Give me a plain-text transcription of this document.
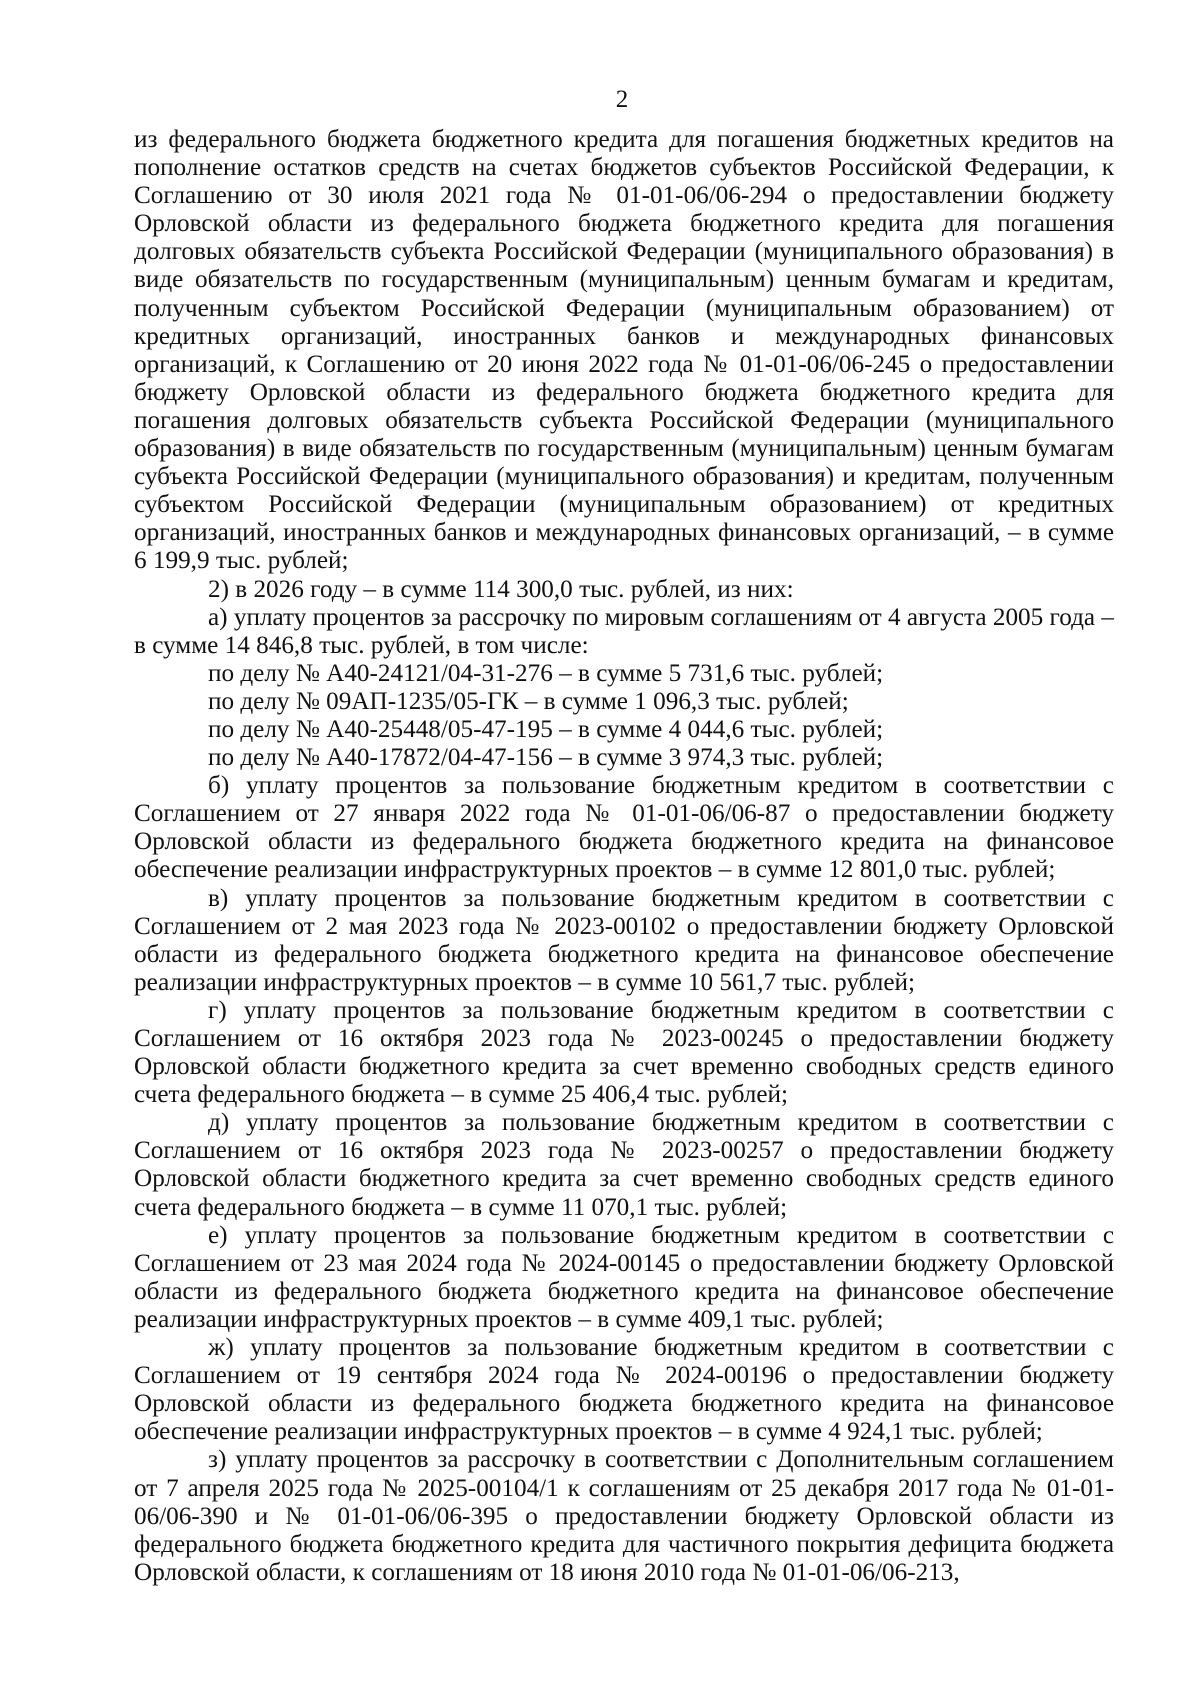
2

из федерального бюджета бюджетного кредита для погашения бюджетных кредитов на пополнение остатков средств на счетах бюджетов субъектов Российской Федерации, к Соглашению от 30 июля 2021 года № 01-01-06/06-294 о предоставлении бюджету Орловской области из федерального бюджета бюджетного кредита для погашения долговых обязательств субъекта Российской Федерации (муниципального образования) в виде обязательств по государственным (муниципальным) ценным бумагам и кредитам, полученным субъектом Российской Федерации (муниципальным образованием) от кредитных организаций, иностранных банков и международных финансовых организаций, к Соглашению от 20 июня 2022 года № 01-01-06/06-245 о предоставлении бюджету Орловской области из федерального бюджета бюджетного кредита для погашения долговых обязательств субъекта Российской Федерации (муниципального образования) в виде обязательств по государственным (муниципальным) ценным бумагам субъекта Российской Федерации (муниципального образования) и кредитам, полученным субъектом Российской Федерации (муниципальным образованием) от кредитных организаций, иностранных банков и международных финансовых организаций, – в сумме 6 199,9 тыс. рублей;

2) в 2026 году – в сумме 114 300,0 тыс. рублей, из них:

а) уплату процентов за рассрочку по мировым соглашениям от 4 августа 2005 года – в сумме 14 846,8 тыс. рублей, в том числе:

по делу № А40-24121/04-31-276 – в сумме 5 731,6 тыс. рублей;

по делу № 09АП-1235/05-ГК – в сумме 1 096,3 тыс. рублей;

по делу № А40-25448/05-47-195 – в сумме 4 044,6 тыс. рублей;

по делу № А40-17872/04-47-156 – в сумме 3 974,3 тыс. рублей;

б) уплату процентов за пользование бюджетным кредитом в соответствии с Соглашением от 27 января 2022 года № 01-01-06/06-87 о предоставлении бюджету Орловской области из федерального бюджета бюджетного кредита на финансовое обеспечение реализации инфраструктурных проектов – в сумме 12 801,0 тыс. рублей;

в) уплату процентов за пользование бюджетным кредитом в соответствии с Соглашением от 2 мая 2023 года № 2023-00102 о предоставлении бюджету Орловской области из федерального бюджета бюджетного кредита на финансовое обеспечение реализации инфраструктурных проектов – в сумме 10 561,7 тыс. рублей;

г) уплату процентов за пользование бюджетным кредитом в соответствии с Соглашением от 16 октября 2023 года № 2023-00245 о предоставлении бюджету Орловской области бюджетного кредита за счет временно свободных средств единого счета федерального бюджета – в сумме 25 406,4 тыс. рублей;

д) уплату процентов за пользование бюджетным кредитом в соответствии с Соглашением от 16 октября 2023 года № 2023-00257 о предоставлении бюджету Орловской области бюджетного кредита за счет временно свободных средств единого счета федерального бюджета – в сумме 11 070,1 тыс. рублей;

е) уплату процентов за пользование бюджетным кредитом в соответствии с Соглашением от 23 мая 2024 года № 2024-00145 о предоставлении бюджету Орловской области из федерального бюджета бюджетного кредита на финансовое обеспечение реализации инфраструктурных проектов – в сумме 409,1 тыс. рублей;

ж) уплату процентов за пользование бюджетным кредитом в соответствии с Соглашением от 19 сентября 2024 года № 2024-00196 о предоставлении бюджету Орловской области из федерального бюджета бюджетного кредита на финансовое обеспечение реализации инфраструктурных проектов – в сумме 4 924,1 тыс. рублей;

з) уплату процентов за рассрочку в соответствии с Дополнительным соглашением от 7 апреля 2025 года № 2025-00104/1 к соглашениям от 25 декабря 2017 года № 01-01-06/06-390 и № 01-01-06/06-395 о предоставлении бюджету Орловской области из федерального бюджета бюджетного кредита для частичного покрытия дефицита бюджета Орловской области, к соглашениям от 18 июня 2010 года № 01-01-06/06-213,
